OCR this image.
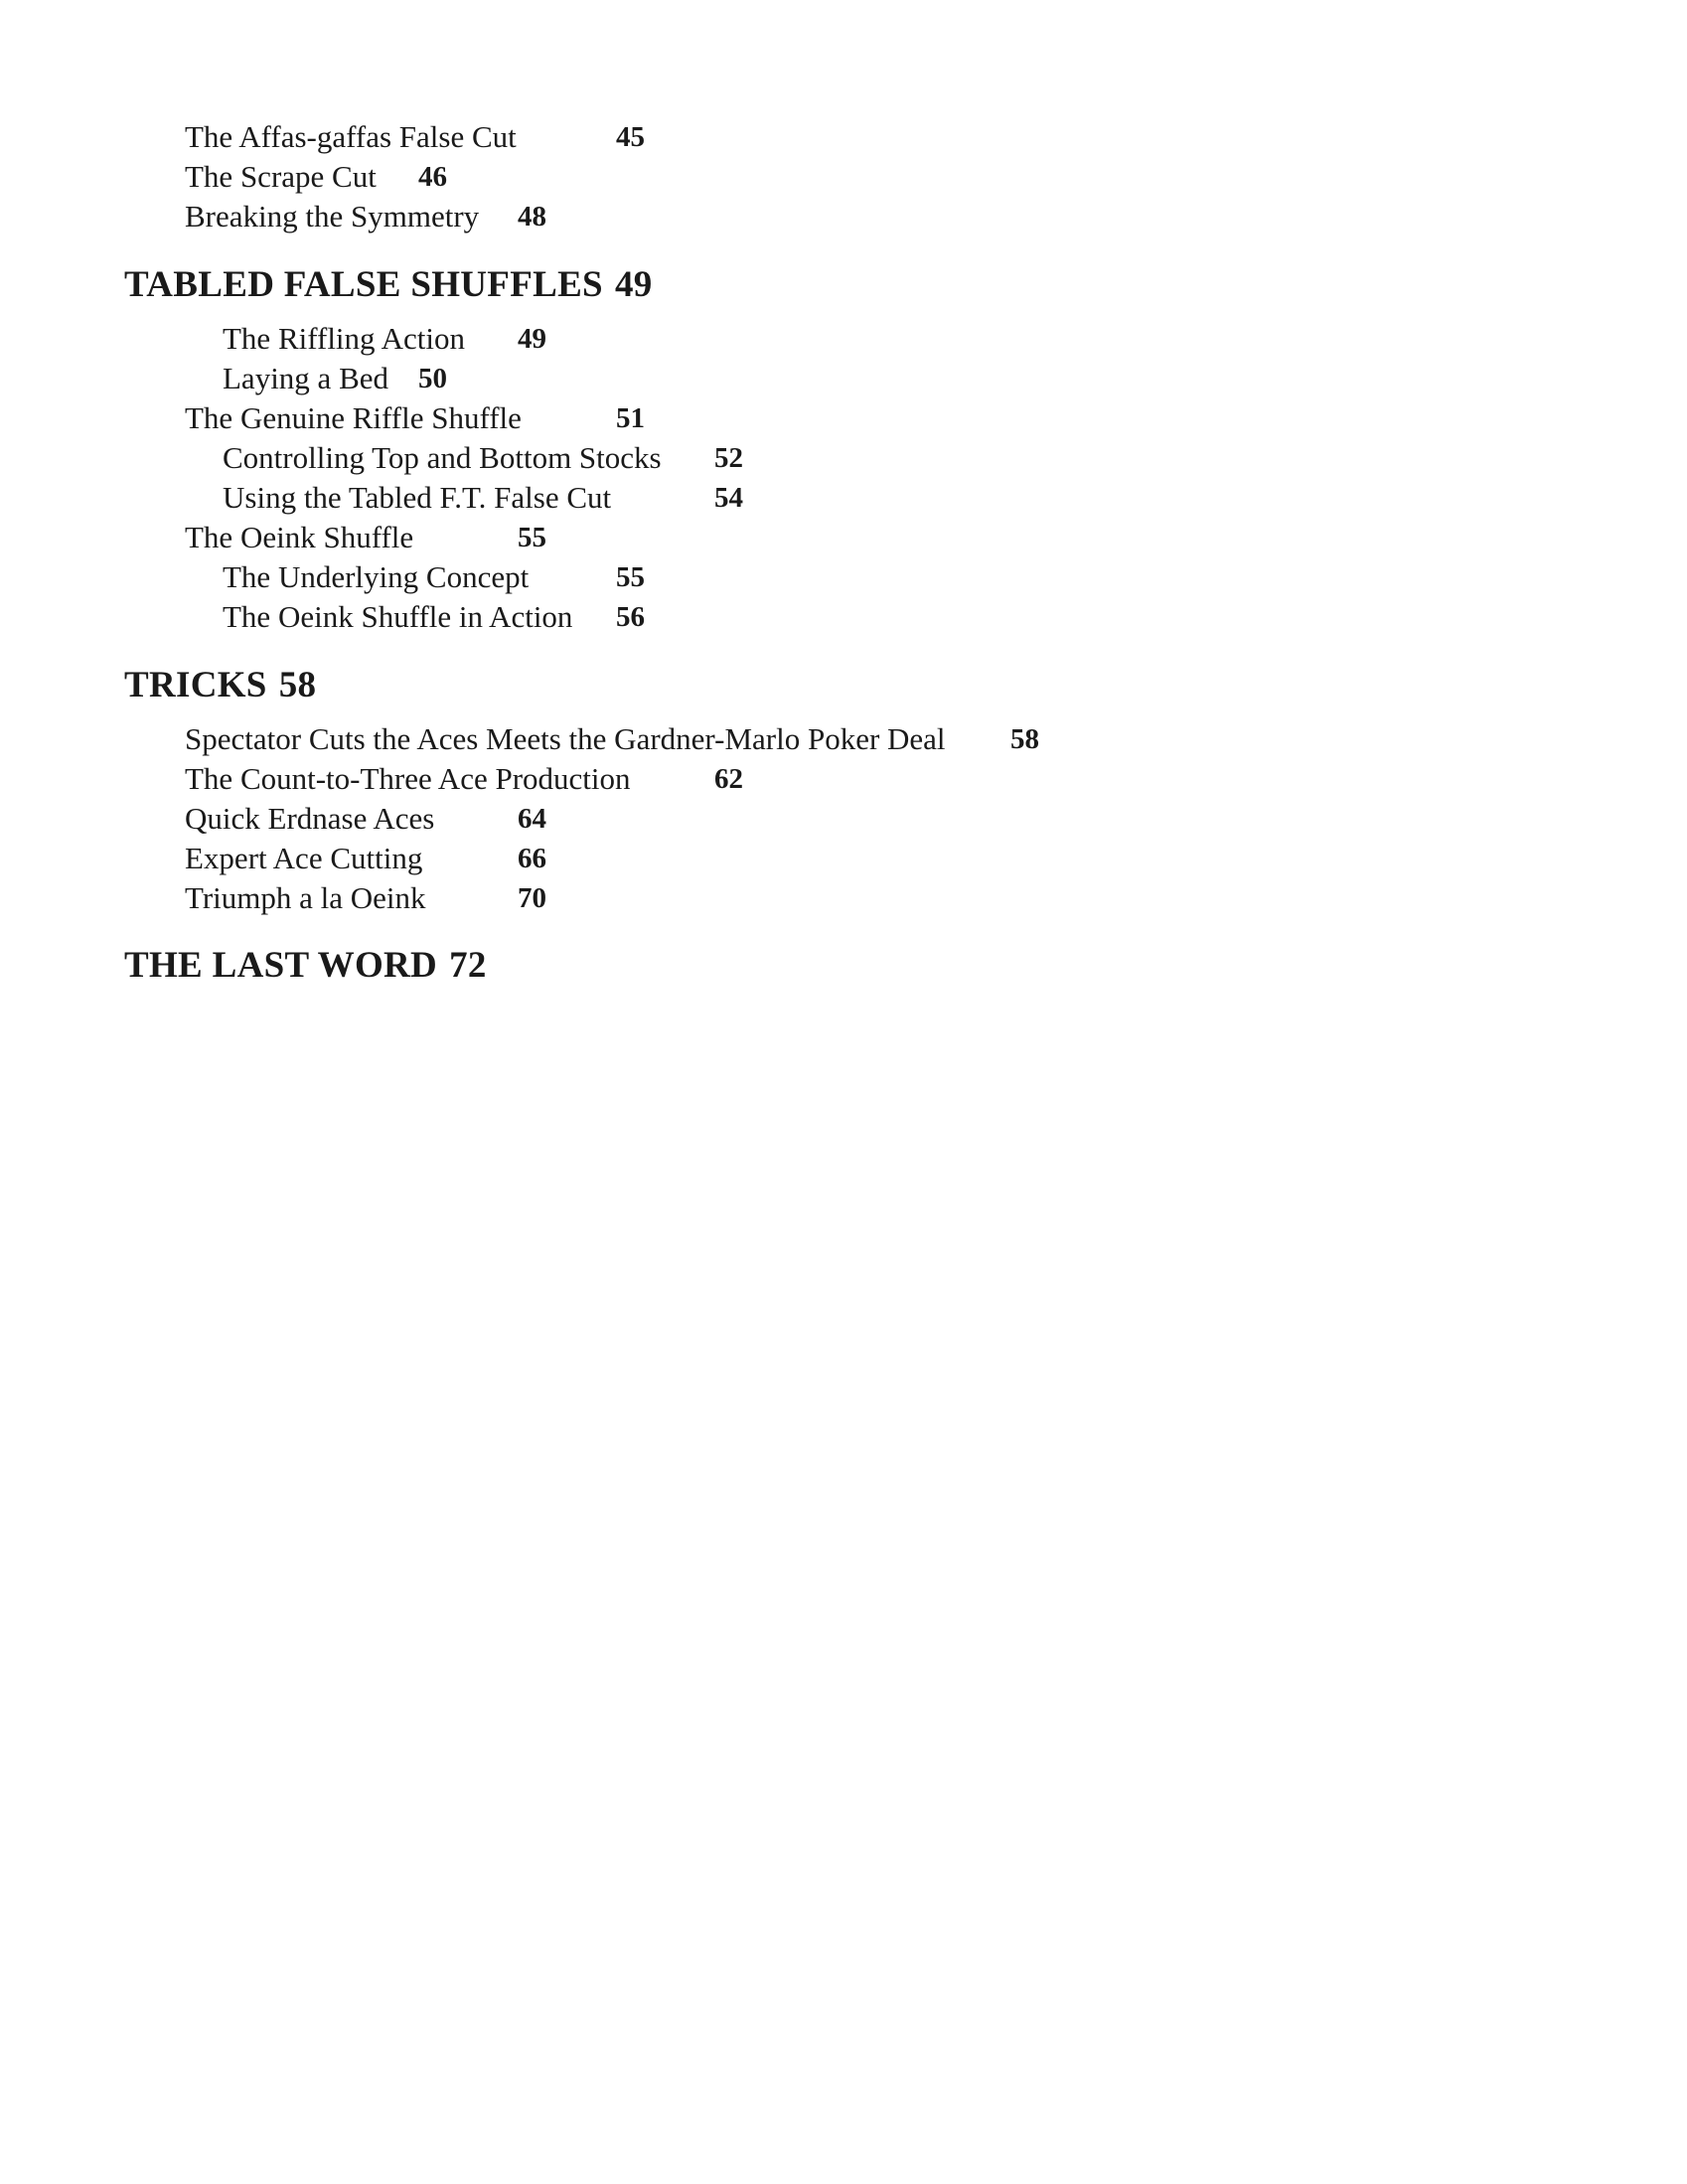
The Affas-gaffas False Cut	45
The Scrape Cut 46
Breaking the Symmetry 48
TABLED FALSE SHUFFLES 49
The Riffling Action 49
Laying a Bed 50
The Genuine Riffle Shuffle	51
Controlling Top and Bottom Stocks 52
Using the Tabled F.T. False Cut	54
The Oeink Shuffle	55
The Underlying Concept	55
The Oeink Shuffle in Action 56
TRICKS 58
Spectator Cuts the Aces Meets the Gardner-Marlo Poker Deal 58
The Count-to-Three Ace Production	62
Quick Erdnase Aces	64
Expert Ace Cutting	66
Triumph a la Oeink	70
THE LAST WORD 72
